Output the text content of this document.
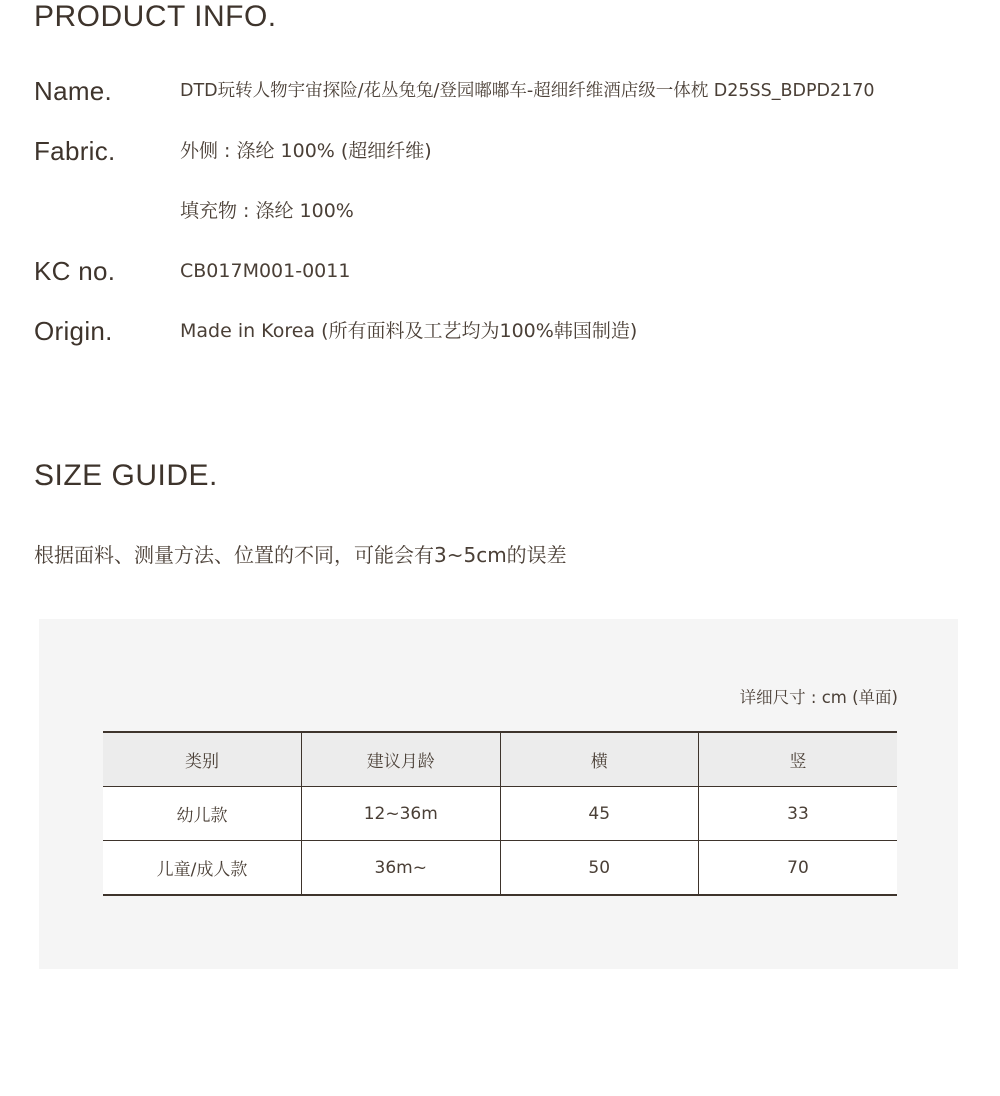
PRODUCT INFO.
Name.	DTD玩转人物宇宙探险/花丛兔兔/登园嘟嘟车-超细纤维酒店级一体枕 D25SS_BDPD2170
Fabric.	外侧 : 涤纶 100% (超细纤维)
填充物 : 涤纶 100%
KC no.	CB017M001-0011
Origin.	Made in Korea (所有面料及工艺均为100%韩国制造)
SIZE GUIDE.
根据面料、测量方法、位置的不同，可能会有3~5cm的误差
详细尺寸 : cm (单面)
类别	建议月龄	横	竖
幼儿款	12~36m	45	33
儿童/成人款	36m~	50	70
